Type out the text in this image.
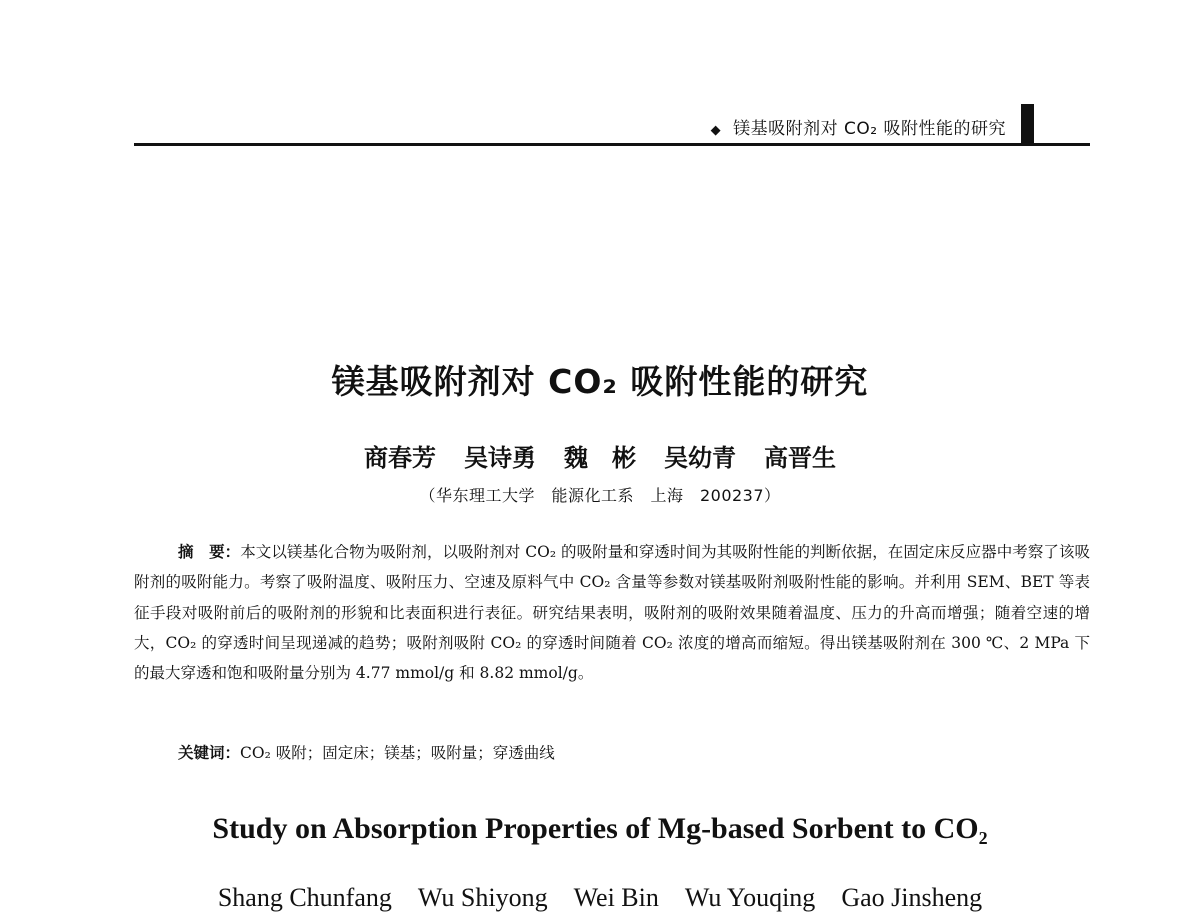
◆ 镁基吸附剂对 CO₂ 吸附性能的研究
镁基吸附剂对 CO₂ 吸附性能的研究
商春芳 吴诗勇 魏　彬 吴幼青 高晋生
（华东理工大学　能源化工系　上海　200237）
摘　要：本文以镁基化合物为吸附剂，以吸附剂对 CO₂ 的吸附量和穿透时间为其吸附性能的判断依据，在固定床反应器中考察了该吸附剂的吸附能力。考察了吸附温度、吸附压力、空速及原料气中 CO₂ 含量等参数对镁基吸附剂吸附性能的影响。并利用 SEM、BET 等表征手段对吸附前后的吸附剂的形貌和比表面积进行表征。研究结果表明，吸附剂的吸附效果随着温度、压力的升高而增强；随着空速的增大，CO₂ 的穿透时间呈现递减的趋势；吸附剂吸附 CO₂ 的穿透时间随着 CO₂ 浓度的增高而缩短。得出镁基吸附剂在 300 ℃、2 MPa 下的最大穿透和饱和吸附量分别为 4.77 mmol/g 和 8.82 mmol/g。
关键词：CO₂ 吸附；固定床；镁基；吸附量；穿透曲线
Study on Absorption Properties of Mg-based Sorbent to CO₂
Shang Chunfang Wu Shiyong Wei Bin Wu Youqing Gao Jinsheng
